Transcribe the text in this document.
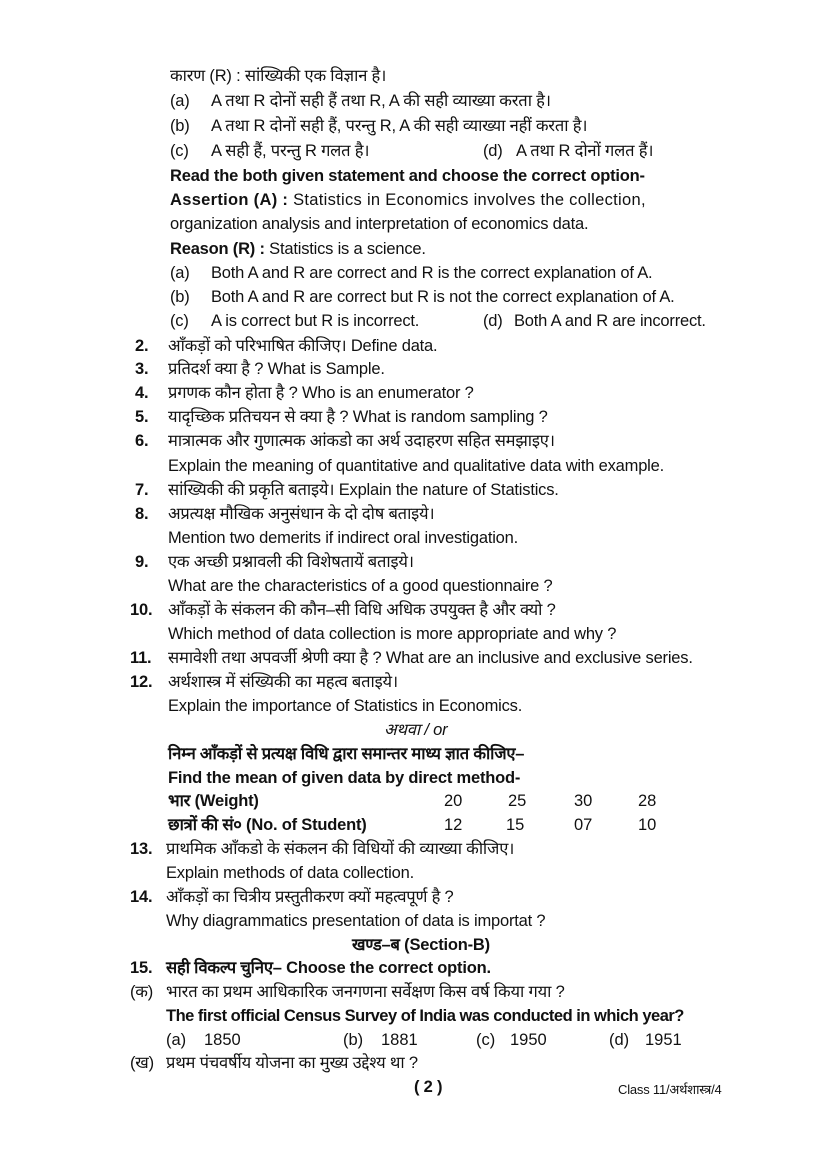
कारण (R) : सांख्यिकी एक विज्ञान है।
(a) A तथा R दोनों सही हैं तथा R, A की सही व्याख्या करता है।
(b) A तथा R दोनों सही हैं, परन्तु R, A की सही व्याख्या नहीं करता है।
(c) A सही हैं, परन्तु R गलत है।	(d) A तथा R दोनों गलत हैं।
Read the both given statement and choose the correct option-
Assertion (A) : Statistics in Economics involves the collection,
organization analysis and interpretation of economics data.
Reason (R) : Statistics is a science.
(a) Both A and R are correct and R is the correct explanation of A.
(b) Both A and R are correct but R is not the correct explanation of A.
(c) A is correct but R is incorrect.	(d) Both A and R are incorrect.
2. आँकड़ों को परिभाषित कीजिए। Define data.
3. प्रतिदर्श क्या है ? What is Sample.
4. प्रगणक कौन होता है ? Who is an enumerator ?
5. यादृच्छिक प्रतिचयन से क्या है ? What is random sampling ?
6. मात्रात्मक और गुणात्मक आंकडो का अर्थ उदाहरण सहित समझाइए।
Explain the meaning of quantitative and qualitative data with example.
7. सांख्यिकी की प्रकृति बताइये। Explain the nature of Statistics.
8. अप्रत्यक्ष मौखिक अनुसंधान के दो दोष बताइये।
Mention two demerits if indirect oral investigation.
9. एक अच्छी प्रश्नावली की विशेषतायें बताइये।
What are the characteristics of a good questionnaire ?
10. आँकड़ों के संकलन की कौन–सी विधि अधिक उपयुक्त है और क्यो ?
Which method of data collection is more appropriate and why ?
11. समावेशी तथा अपवर्जी श्रेणी क्या है ? What are an inclusive and exclusive series.
12. अर्थशास्त्र में संख्यिकी का महत्व बताइये।
Explain the importance of Statistics in Economics.
अथवा / or
निम्न आँकड़ों से प्रत्यक्ष विधि द्वारा समान्तर माध्य ज्ञात कीजिए–
Find the mean of given data by direct method-
भार (Weight)	20	25	30	28
छात्रों की सं० (No. of Student)	12	15	07	10
13. प्राथमिक आँकडो के संकलन की विधियों की व्याख्या कीजिए।
Explain methods of data collection.
14. आँकड़ों का चित्रीय प्रस्तुतीकरण क्यों महत्वपूर्ण है ?
Why diagrammatics presentation of data is importat ?
खण्ड–ब (Section-B)
15. सही विकल्प चुनिए– Choose the correct option.
(क) भारत का प्रथम आधिकारिक जनगणना सर्वेक्षण किस वर्ष किया गया ?
The first official Census Survey of India was conducted in which year?
(a) 1850	(b) 1881	(c) 1950	(d) 1951
(ख) प्रथम पंचवर्षीय योजना का मुख्य उद्देश्य था ?
( 2 )	Class 11/अर्थशास्त्र/4
